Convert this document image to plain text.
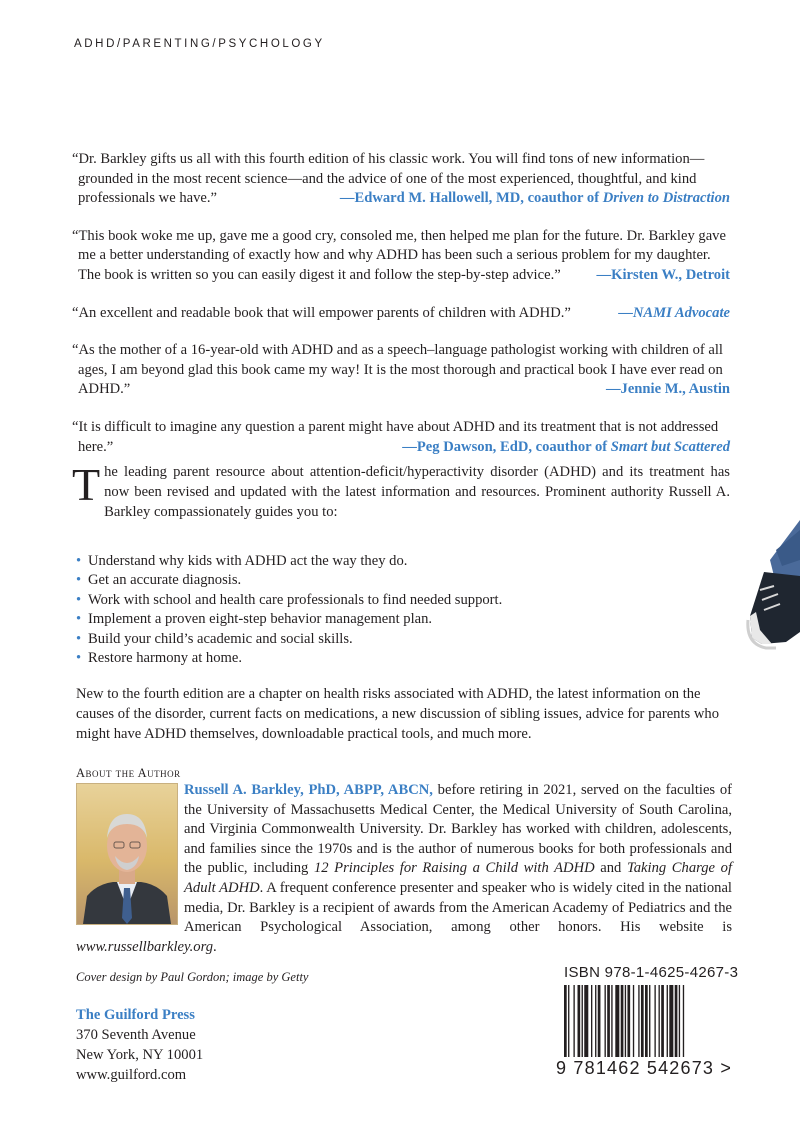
ADHD/PARENTING/PSYCHOLOGY

“Dr. Barkley gifts us all with this fourth edition of his classic work. You will find tons of new information—grounded in the most recent science—and the advice of one of the most experienced, thoughtful, and kind professionals we have.”	—Edward M. Hallowell, MD, coauthor of Driven to Distraction

“This book woke me up, gave me a good cry, consoled me, then helped me plan for the future. Dr. Barkley gave me a better understanding of exactly how and why ADHD has been such a serious problem for my daughter. The book is written so you can easily digest it and follow the step-by-step advice.” —Kirsten W., Detroit

“An excellent and readable book that will empower parents of children with ADHD.”	—NAMI Advocate

“As the mother of a 16-year-old with ADHD and as a speech–language pathologist working with children of all ages, I am beyond glad this book came my way! It is the most thorough and practical book I have ever read on ADHD.”	—Jennie M., Austin

“It is difficult to imagine any question a parent might have about ADHD and its treatment that is not addressed here.”	—Peg Dawson, EdD, coauthor of Smart but Scattered

The leading parent resource about attention-deficit/hyperactivity disorder (ADHD) and its treatment has now been revised and updated with the latest information and resources. Prominent authority Russell A. Barkley compassionately guides you to:
• Understand why kids with ADHD act the way they do.
• Get an accurate diagnosis.
• Work with school and health care professionals to find needed support.
• Implement a proven eight-step behavior management plan.
• Build your child’s academic and social skills.
• Restore harmony at home.
New to the fourth edition are a chapter on health risks associated with ADHD, the latest information on the causes of the disorder, current facts on medications, a new discussion of sibling issues, advice for parents who might have ADHD themselves, downloadable practical tools, and much more.
About the Author
Russell A. Barkley, PhD, ABPP, ABCN, before retiring in 2021, served on the faculties of the University of Massachusetts Medical Center, the Medical University of South Carolina, and Virginia Commonwealth University. Dr. Barkley has worked with children, adolescents, and families since the 1970s and is the author of numerous books for both professionals and the public, including 12 Principles for Raising a Child with ADHD and Taking Charge of Adult ADHD. A frequent conference presenter and speaker who is widely cited in the national media, Dr. Barkley is a recipient of awards from the American Academy of Pediatrics and the American Psychological Association, among other honors. His website is www.russellbarkley.org.
Cover design by Paul Gordon; image by Getty
The Guilford Press
370 Seventh Avenue
New York, NY 10001
www.guilford.com
ISBN 978-1-4625-4267-3
9 781462 542673 >
